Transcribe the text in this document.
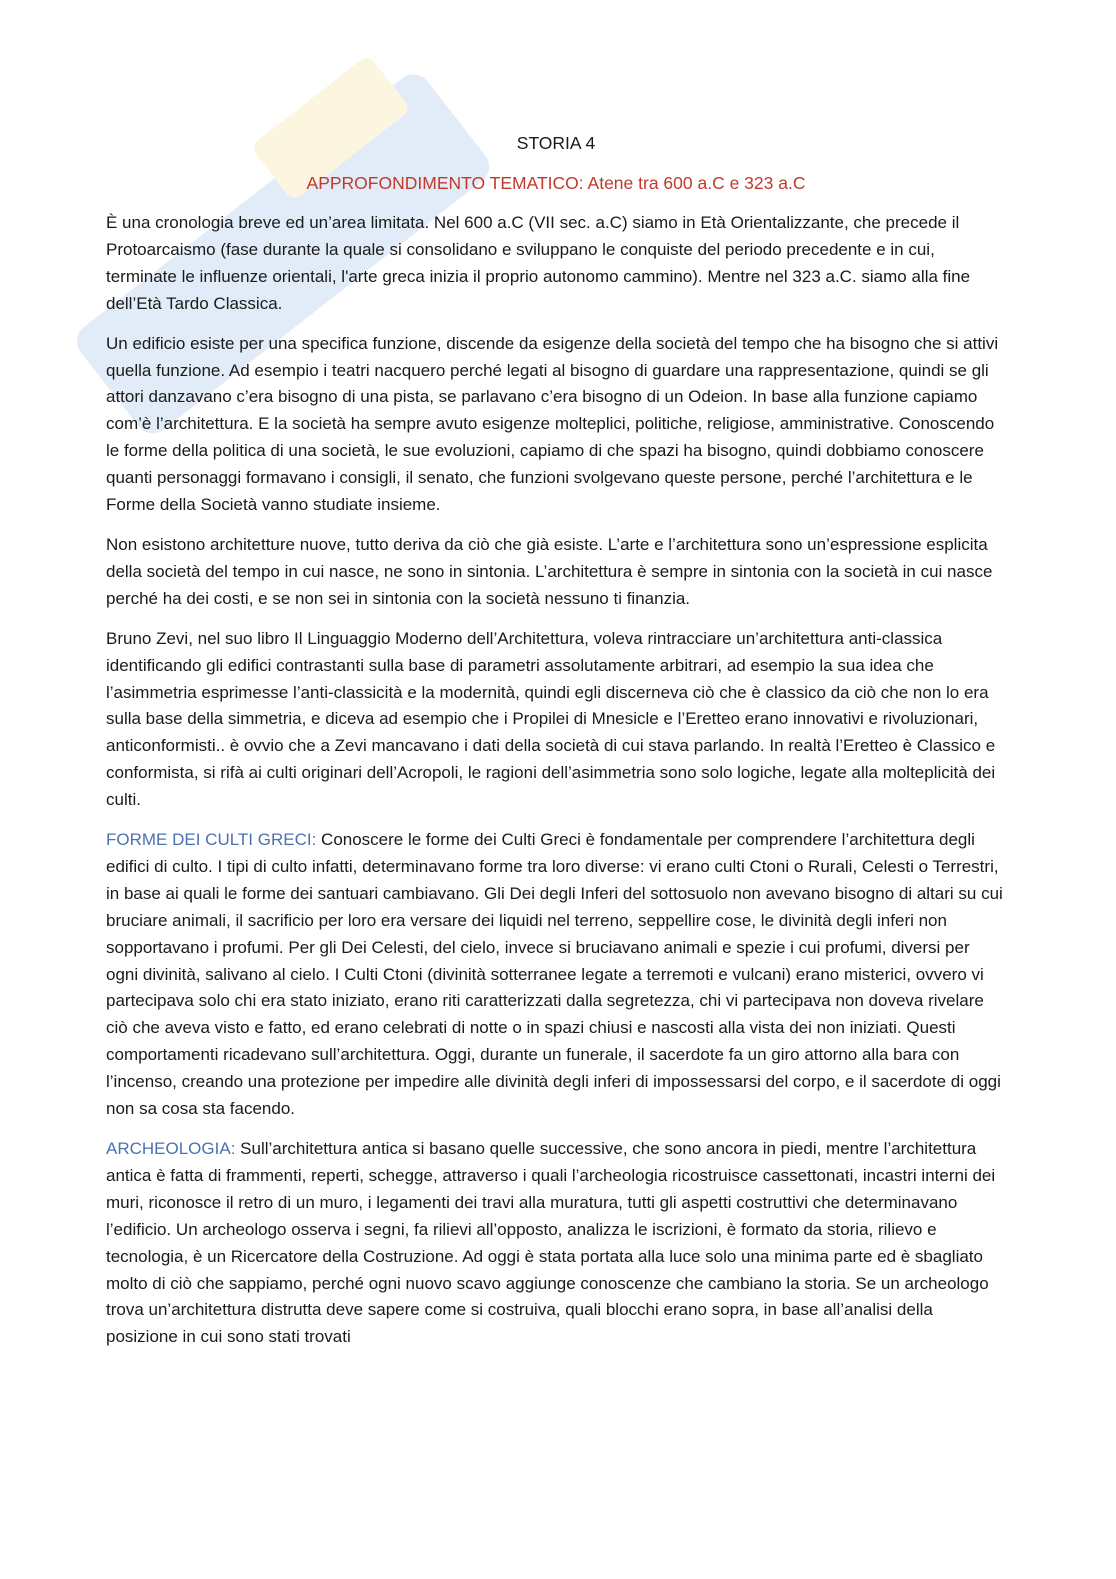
STORIA 4
APPROFONDIMENTO TEMATICO: Atene tra 600 a.C e 323 a.C

È una cronologia breve ed un’area limitata. Nel 600 a.C (VII sec. a.C) siamo in Età Orientalizzante, che precede il Protoarcaismo (fase durante la quale si consolidano e sviluppano le conquiste del periodo precedente e in cui, terminate le influenze orientali, l'arte greca inizia il proprio autonomo cammino). Mentre nel 323 a.C. siamo alla fine dell’Età Tardo Classica.

Un edificio esiste per una specifica funzione, discende da esigenze della società del tempo che ha bisogno che si attivi quella funzione. Ad esempio i teatri nacquero perché legati al bisogno di guardare una rappresentazione, quindi se gli attori danzavano c’era bisogno di una pista, se parlavano c’era bisogno di un Odeion. In base alla funzione capiamo com’è l’architettura. E la società ha sempre avuto esigenze molteplici, politiche, religiose, amministrative. Conoscendo le forme della politica di una società, le sue evoluzioni, capiamo di che spazi ha bisogno, quindi dobbiamo conoscere quanti personaggi formavano i consigli, il senato, che funzioni svolgevano queste persone, perché l’architettura e le Forme della Società vanno studiate insieme.

Non esistono architetture nuove, tutto deriva da ciò che già esiste. L’arte e l’architettura sono un’espressione esplicita della società del tempo in cui nasce, ne sono in sintonia. L’architettura è sempre in sintonia con la società in cui nasce perché ha dei costi, e se non sei in sintonia con la società nessuno ti finanzia.

Bruno Zevi, nel suo libro Il Linguaggio Moderno dell’Architettura, voleva rintracciare un’architettura anti-classica identificando gli edifici contrastanti sulla base di parametri assolutamente arbitrari, ad esempio la sua idea che l’asimmetria esprimesse l’anti-classicità e la modernità, quindi egli discerneva ciò che è classico da ciò che non lo era sulla base della simmetria, e diceva ad esempio che i Propilei di Mnesicle e l’Eretteo erano innovativi e rivoluzionari, anticonformisti.. è ovvio che a Zevi mancavano i dati della società di cui stava parlando. In realtà l’Eretteo è Classico e conformista, si rifà ai culti originari dell’Acropoli, le ragioni dell’asimmetria sono solo logiche, legate alla molteplicità dei culti.

FORME DEI CULTI GRECI: Conoscere le forme dei Culti Greci è fondamentale per comprendere l’architettura degli edifici di culto. I tipi di culto infatti, determinavano forme tra loro diverse: vi erano culti Ctoni o Rurali, Celesti o Terrestri, in base ai quali le forme dei santuari cambiavano. Gli Dei degli Inferi del sottosuolo non avevano bisogno di altari su cui bruciare animali, il sacrificio per loro era versare dei liquidi nel terreno, seppellire cose, le divinità degli inferi non sopportavano i profumi. Per gli Dei Celesti, del cielo, invece si bruciavano animali e spezie i cui profumi, diversi per ogni divinità, salivano al cielo. I Culti Ctoni (divinità sotterranee legate a terremoti e vulcani) erano misterici, ovvero vi partecipava solo chi era stato iniziato, erano riti caratterizzati dalla segretezza, chi vi partecipava non doveva rivelare ciò che aveva visto e fatto, ed erano celebrati di notte o in spazi chiusi e nascosti alla vista dei non iniziati. Questi comportamenti ricadevano sull’architettura. Oggi, durante un funerale, il sacerdote fa un giro attorno alla bara con l’incenso, creando una protezione per impedire alle divinità degli inferi di impossessarsi del corpo, e il sacerdote di oggi non sa cosa sta facendo.

ARCHEOLOGIA: Sull’architettura antica si basano quelle successive, che sono ancora in piedi, mentre l’architettura antica è fatta di frammenti, reperti, schegge, attraverso i quali l’archeologia ricostruisce cassettonati, incastri interni dei muri, riconosce il retro di un muro, i legamenti dei travi alla muratura, tutti gli aspetti costruttivi che determinavano l’edificio. Un archeologo osserva i segni, fa rilievi all’opposto, analizza le iscrizioni, è formato da storia, rilievo e tecnologia, è un Ricercatore della Costruzione. Ad oggi è stata portata alla luce solo una minima parte ed è sbagliato molto di ciò che sappiamo, perché ogni nuovo scavo aggiunge conoscenze che cambiano la storia. Se un archeologo trova un’architettura distrutta deve sapere come si costruiva, quali blocchi erano sopra, in base all’analisi della posizione in cui sono stati trovati
